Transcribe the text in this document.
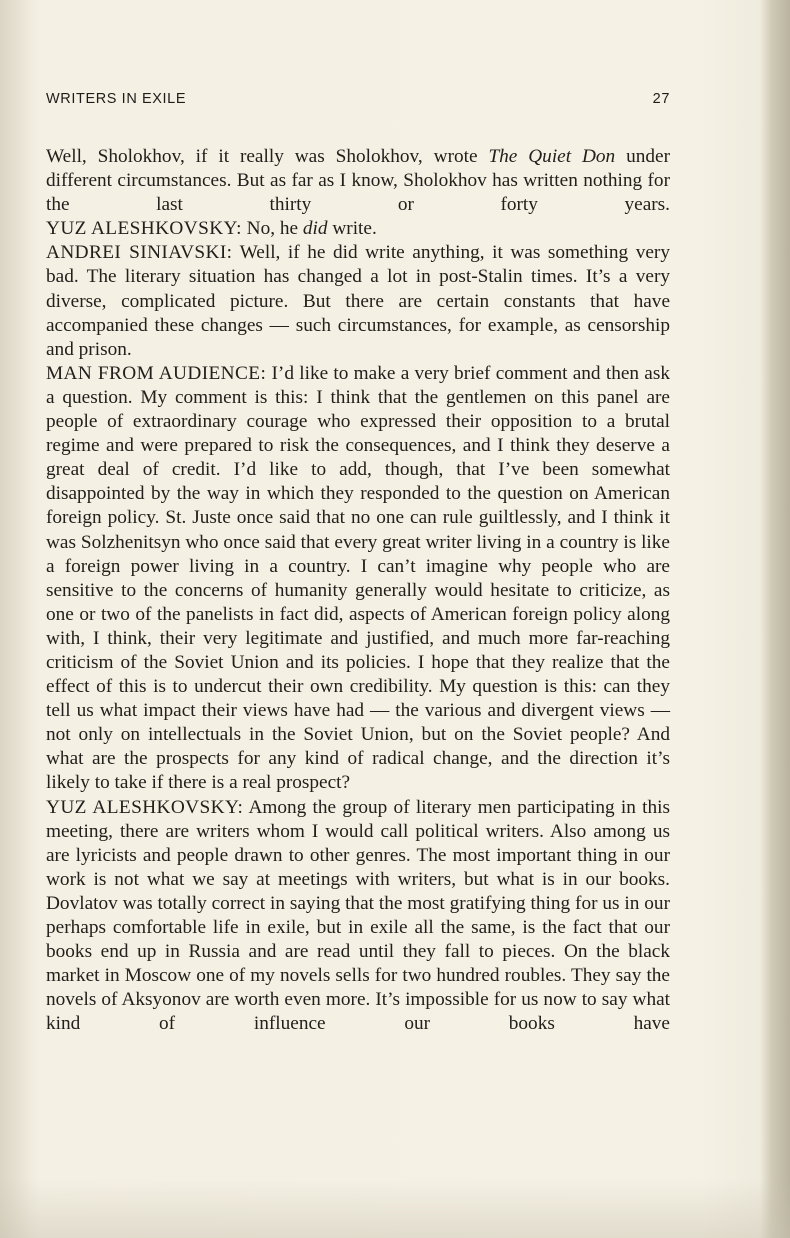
WRITERS IN EXILE	27

Well, Sholokhov, if it really was Sholokhov, wrote The Quiet Don under different circumstances. But as far as I know, Sholokhov has written nothing for the last thirty or forty years.

YUZ ALESHKOVSKY: No, he did write.

ANDREI SINIAVSKI: Well, if he did write anything, it was something very bad. The literary situation has changed a lot in post-Stalin times. It’s a very diverse, complicated picture. But there are certain constants that have accompanied these changes — such circumstances, for example, as censorship and prison.

MAN FROM AUDIENCE: I’d like to make a very brief comment and then ask a question. My comment is this: I think that the gentlemen on this panel are people of extraordinary courage who expressed their opposition to a brutal regime and were prepared to risk the consequences, and I think they deserve a great deal of credit. I’d like to add, though, that I’ve been somewhat disappointed by the way in which they responded to the question on American foreign policy. St. Juste once said that no one can rule guiltlessly, and I think it was Solzhenitsyn who once said that every great writer living in a country is like a foreign power living in a country. I can’t imagine why people who are sensitive to the concerns of humanity generally would hesitate to criticize, as one or two of the panelists in fact did, aspects of American foreign policy along with, I think, their very legitimate and justified, and much more far-reaching criticism of the Soviet Union and its policies. I hope that they realize that the effect of this is to undercut their own credibility. My question is this: can they tell us what impact their views have had — the various and divergent views — not only on intellectuals in the Soviet Union, but on the Soviet people? And what are the prospects for any kind of radical change, and the direction it’s likely to take if there is a real prospect?

YUZ ALESHKOVSKY: Among the group of literary men participating in this meeting, there are writers whom I would call political writers. Also among us are lyricists and people drawn to other genres. The most important thing in our work is not what we say at meetings with writers, but what is in our books. Dovlatov was totally correct in saying that the most gratifying thing for us in our perhaps comfortable life in exile, but in exile all the same, is the fact that our books end up in Russia and are read until they fall to pieces. On the black market in Moscow one of my novels sells for two hundred roubles. They say the novels of Aksyonov are worth even more. It’s impossible for us now to say what kind of influence our books have
